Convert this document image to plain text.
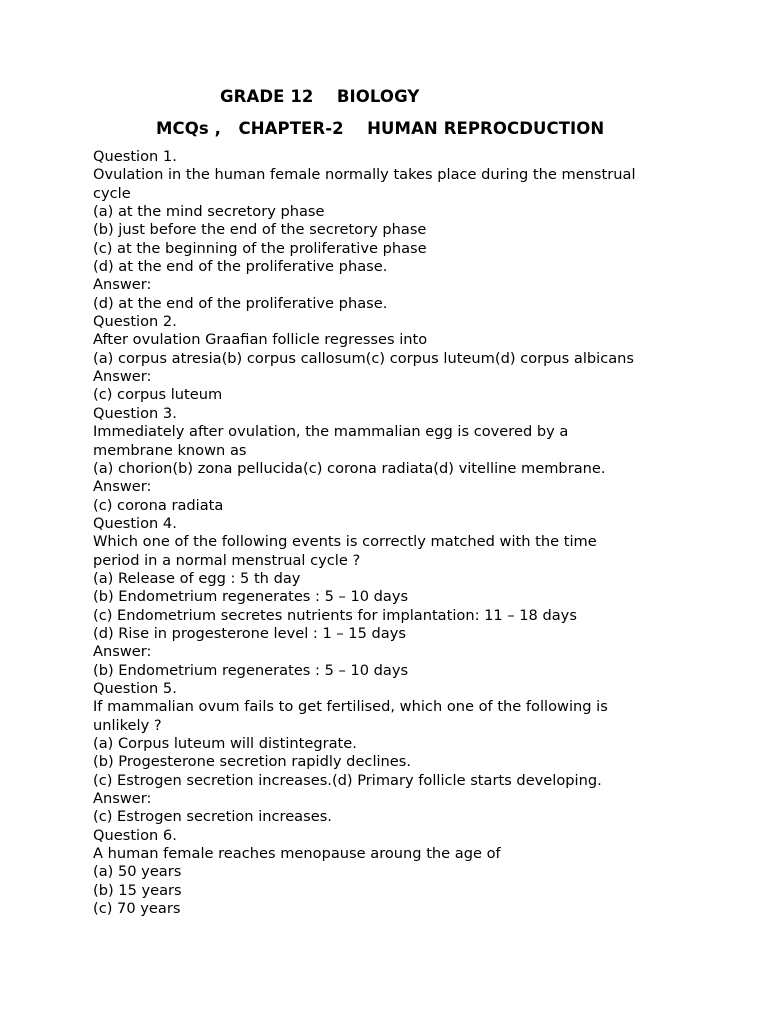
GRADE 12    BIOLOGY
MCQs ,   CHAPTER-2    HUMAN REPROCDUCTION
Question 1.
Ovulation in the human female normally takes place during the menstrual
cycle
(a) at the mind secretory phase
(b) just before the end of the secretory phase
(c) at the beginning of the proliferative phase
(d) at the end of the proliferative phase.
Answer:
(d) at the end of the proliferative phase.
Question 2.
After ovulation Graafian follicle regresses into
(a) corpus atresia(b) corpus callosum(c) corpus luteum(d) corpus albicans
Answer:
(c) corpus luteum
Question 3.
Immediately after ovulation, the mammalian egg is covered by a
membrane known as
(a) chorion(b) zona pellucida(c) corona radiata(d) vitelline membrane.
Answer:
(c) corona radiata
Question 4.
Which one of the following events is correctly matched with the time
period in a normal menstrual cycle ?
(a) Release of egg : 5 th day
(b) Endometrium regenerates : 5 – 10 days
(c) Endometrium secretes nutrients for implantation: 11 – 18 days
(d) Rise in progesterone level : 1 – 15 days
Answer:
(b) Endometrium regenerates : 5 – 10 days
Question 5.
If mammalian ovum fails to get fertilised, which one of the following is
unlikely ?
(a) Corpus luteum will distintegrate.
(b) Progesterone secretion rapidly declines.
(c) Estrogen secretion increases.(d) Primary follicle starts developing.
Answer:
(c) Estrogen secretion increases.
Question 6.
A human female reaches menopause aroung the age of
(a) 50 years
(b) 15 years
(c) 70 years
